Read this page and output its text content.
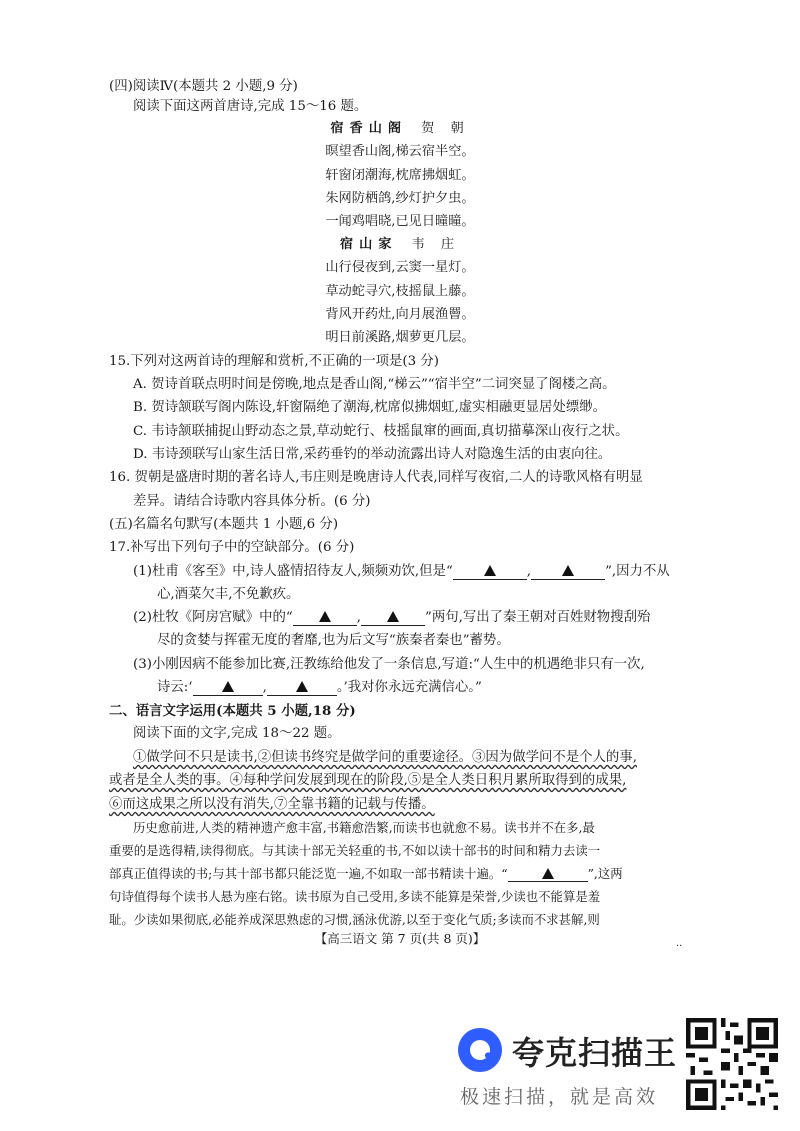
(四)阅读Ⅳ(本题共 2 小题,9 分)
阅读下面这两首唐诗,完成 15～16 题。
宿香山阁 贺 朝
暝望香山阁,梯云宿半空。
轩窗闭潮海,枕席拂烟虹。
朱网防栖鸽,纱灯护夕虫。
一闻鸡唱晓,已见日曈曈。
宿山家 韦 庄
山行侵夜到,云窦一星灯。
草动蛇寻穴,枝摇鼠上藤。
背风开药灶,向月展渔罾。
明日前溪路,烟萝更几层。
15.下列对这两首诗的理解和赏析,不正确的一项是(3 分)
A. 贺诗首联点明时间是傍晚,地点是香山阁,“梯云”“宿半空”二词突显了阁楼之高。
B. 贺诗颔联写阁内陈设,轩窗隔绝了潮海,枕席似拂烟虹,虚实相融更显居处缥缈。
C. 韦诗颔联捕捉山野动态之景,草动蛇行、枝摇鼠窜的画面,真切描摹深山夜行之状。
D. 韦诗颈联写山家生活日常,采药垂钓的举动流露出诗人对隐逸生活的由衷向往。
16. 贺朝是盛唐时期的著名诗人,韦庄则是晚唐诗人代表,同样写夜宿,二人的诗歌风格有明显
差异。请结合诗歌内容具体分析。(6 分)
(五)名篇名句默写(本题共 1 小题,6 分)
17.补写出下列句子中的空缺部分。(6 分)
(1)杜甫《客至》中,诗人盛情招待友人,频频劝饮,但是“	,	”,因力不从
心,酒菜欠丰,不免歉疚。
(2)杜牧《阿房宫赋》中的“	,	”两句,写出了秦王朝对百姓财物搜刮殆
尽的贪婪与挥霍无度的奢靡,也为后文写“族秦者秦也”蓄势。
(3)小刚因病不能参加比赛,汪教练给他发了一条信息,写道:“人生中的机遇绝非只有一次,
诗云:‘	,	。’我对你永远充满信心。”
二、语言文字运用(本题共 5 小题,18 分)
阅读下面的文字,完成 18～22 题。
①做学问不只是读书,②但读书终究是做学问的重要途径。③因为做学问不是个人的事,
或者是全人类的事。④每种学问发展到现在的阶段,⑤是全人类日积月累所取得到的成果,
⑥而这成果之所以没有消失,⑦全靠书籍的记载与传播。
历史愈前进,人类的精神遗产愈丰富,书籍愈浩繁,而读书也就愈不易。读书并不在多,最
重要的是选得精,读得彻底。与其读十部无关轻重的书,不如以读十部书的时间和精力去读一
部真正值得读的书;与其十部书都只能泛览一遍,不如取一部书精读十遍。“	”,这两
句诗值得每个读书人悬为座右铭。读书原为自己受用,多读不能算是荣誉,少读也不能算是羞
耻。少读如果彻底,必能养成深思熟虑的习惯,涵泳优游,以至于变化气质;多读而不求甚解,则
【高三语文 第 7 页(共 8 页)】	..
夸克扫描王
极速扫描，就是高效
